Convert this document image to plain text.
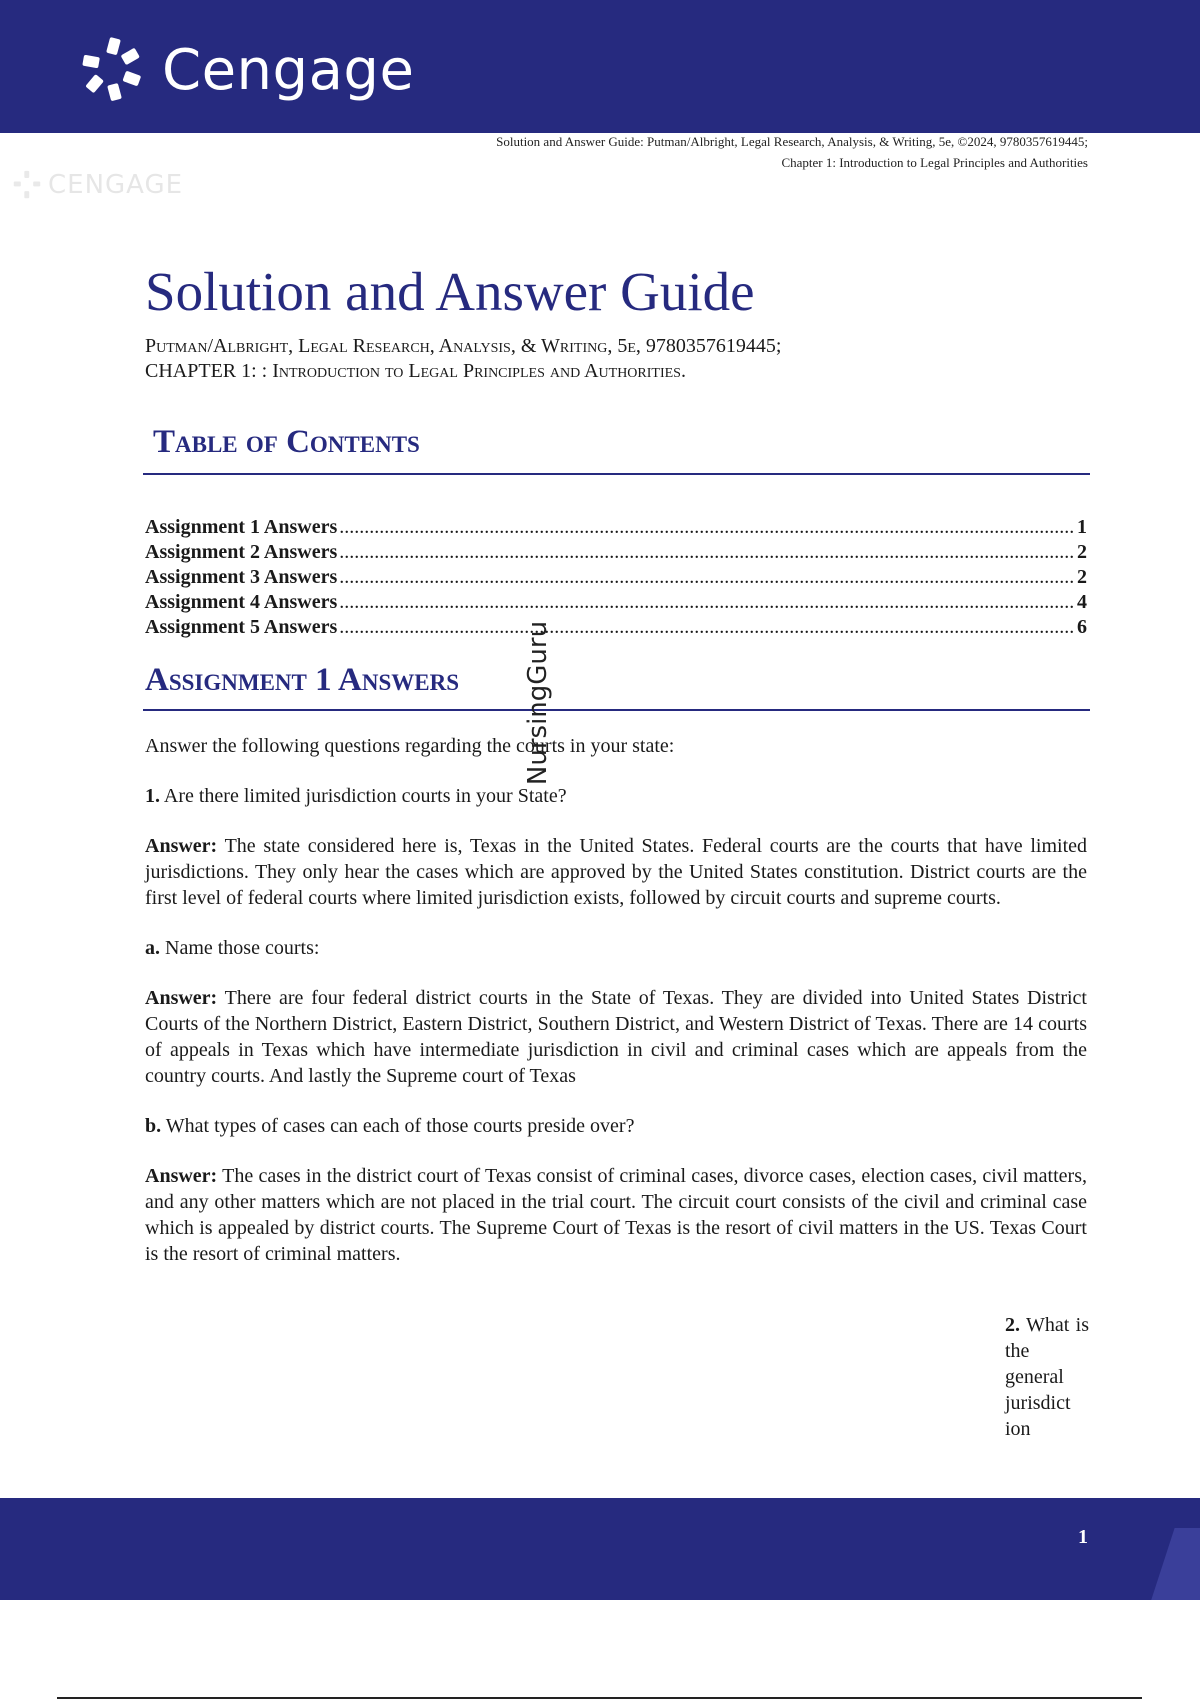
Cengage
Solution and Answer Guide: Putman/Albright, Legal Research, Analysis, & Writing, 5e, ©2024, 9780357619445;
Chapter 1: Introduction to Legal Principles and Authorities
CENGAGE
Solution and Answer Guide
Putman/Albright, Legal Research, Analysis, & Writing, 5e, 9780357619445;
CHAPTER 1: : Introduction to Legal Principles and Authorities.
Table of Contents
Assignment 1 Answers .....	1
Assignment 2 Answers .....	2
Assignment 3 Answers .....	2
Assignment 4 Answers .....	4
Assignment 5 Answers .....	6
Assignment 1 Answers

Answer the following questions regarding the courts in your state:

1. Are there limited jurisdiction courts in your State?

Answer: The state considered here is, Texas in the United States. Federal courts are the courts that have limited jurisdictions. They only hear the cases which are approved by the United States constitution. District courts are the first level of federal courts where limited jurisdiction exists, followed by circuit courts and supreme courts.

a. Name those courts:

Answer: There are four federal district courts in the State of Texas. They are divided into United States District Courts of the Northern District, Eastern District, Southern District, and Western District of Texas. There are 14 courts of appeals in Texas which have intermediate jurisdiction in civil and criminal cases which are appeals from the country courts. And lastly the Supreme court of Texas

b. What types of cases can each of those courts preside over?

Answer: The cases in the district court of Texas consist of criminal cases, divorce cases, election cases, civil matters, and any other matters which are not placed in the trial court. The circuit court consists of the civil and criminal case which is appealed by district courts. The Supreme Court of Texas is the resort of civil matters in the US. Texas Court is the resort of criminal matters.

2. What is the general jurisdict ion
NursingGuru
1
